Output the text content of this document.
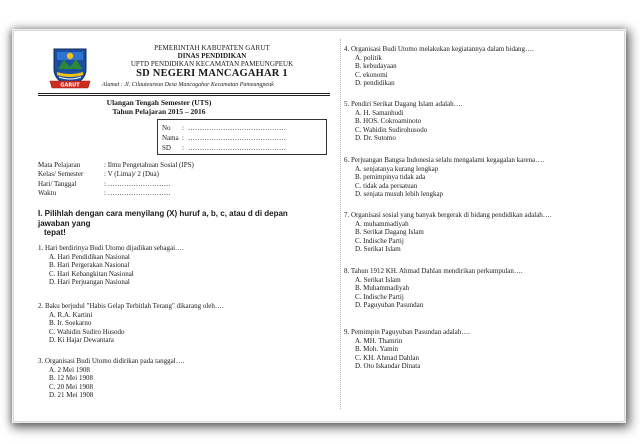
GARUT
PEMERINTAH KABUPATEN GARUT
DINAS PENDIDIKAN
UPTD PENDIDIKAN KECAMATAN PAMEUNGPEUK
SD NEGERI MANCAGAHAR 1
Alamat : Jl. Cilauteureun Desa Mancagahar Kecamatan Pameungpeuk
Ulangan Tengah Semester (UTS)
Tahun Pelajaran 2015 – 2016
No	: ……………………………………
Nama : ……………………………………
SD	: ……………………………………
Mata Pelajaran	: Ilmu Pengetahuan Sosial (IPS)
Kelas/ Semester	: V (Lima)/ 2 (Dua)
Hari/ Tanggal	: ………………………
Waktu	: ………………………
I. Pilihlah dengan cara menyilang (X) huruf a, b, c, atau d di depan
jawaban yang
tepat!
1. Hari berdirinya Budi Utomo dijadikan sebagai….
A. Hari Pendidikan Nasional
B. Hari Pergerakan Nasional
C. Hari Kebangkitan Nasional
D. Hari Perjuangan Nasional
2. Baku berjudul "Habis Gelap Terbitlah Terang" dikarang oleh….
A. R.A. Kartini
B. Ir. Soekarno
C. Wahidin Sudiro Husodo
D. Ki Hajar Dewantara
3. Organisasi Budi Utomo didirikan pada tanggal….
A. 2 Mei 1908
B. 12 Mei 1908
C. 20 Mei 1908
D. 21 Mei 1908
4. Organisasi Budi Utomo melakukan kegiatannya dalam bidang….
A. politik
B. kebudayaan
C. ekonomi
D. pendidikan
5. Pendiri Serikat Dagang Islam adalah….
A. H. Samanhudi
B. HOS. Cokroaminoto
C. Wahidin Sudirohusodo
D. Dr. Sutomo
6. Perjuangan Bangsa Indonesia selalu mengalami kegagalan karena….
A. senjatanya kurang lengkap
B. pemimpinya tidak ada
C. tidak ada persatuan
D. senjata musuh lebih lengkap
7. Organisasi sosial yang banyak bergerak di bidang pendidikan adalah….
A. muhammadiyah
B. Serikat Dagang Islam
C. Indische Partij
D. Serikat Islam
8. Tahun 1912 KH. Ahmad Dahlan mendirikan perkumpulan….
A. Serikat Islam
B. Muhammadiyah
C. Indische Partij
D. Paguyuban Pasundan
9. Pemimpin Paguyuban Pasundan adalah….
A. MH. Thamrin
B. Moh. Yamin
C. KH. Ahmad Dahlan
D. Oto Iskandar Dinata
